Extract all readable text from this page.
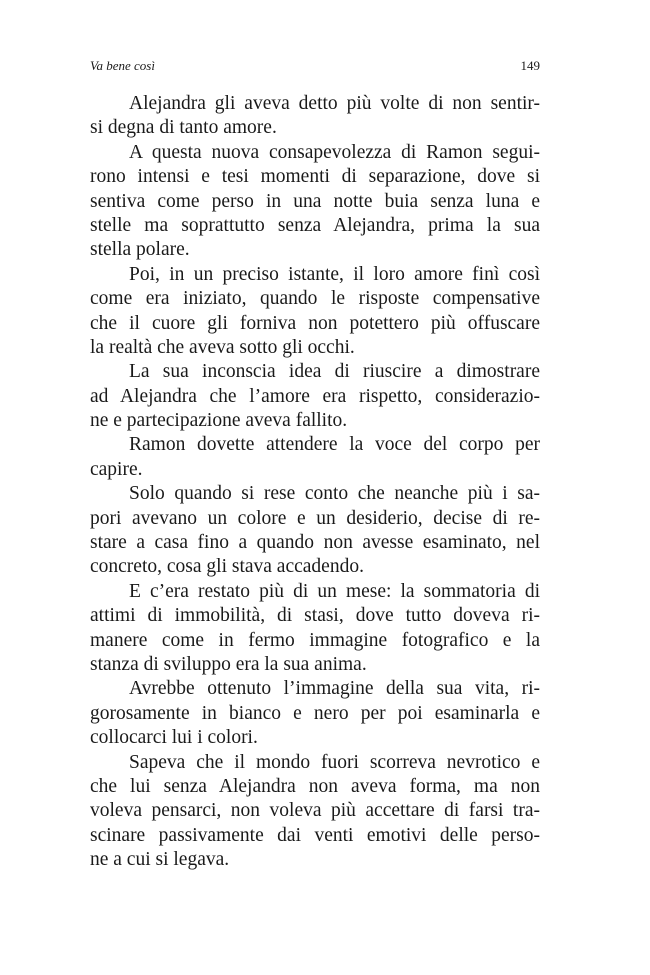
Va bene così	149
Alejandra gli aveva detto più volte di non sentir-
si degna di tanto amore.
A questa nuova consapevolezza di Ramon segui-
rono intensi e tesi momenti di separazione, dove si
sentiva come perso in una notte buia senza luna e
stelle ma soprattutto senza Alejandra, prima la sua
stella polare.
Poi, in un preciso istante, il loro amore finì così
come era iniziato, quando le risposte compensative
che il cuore gli forniva non potettero più offuscare
la realtà che aveva sotto gli occhi.
La sua inconscia idea di riuscire a dimostrare
ad Alejandra che l’amore era rispetto, considerazio-
ne e partecipazione aveva fallito.
Ramon dovette attendere la voce del corpo per
capire.
Solo quando si rese conto che neanche più i sa-
pori avevano un colore e un desiderio, decise di re-
stare a casa fino a quando non avesse esaminato, nel
concreto, cosa gli stava accadendo.
E c’era restato più di un mese: la sommatoria di
attimi di immobilità, di stasi, dove tutto doveva ri-
manere come in fermo immagine fotografico e la
stanza di sviluppo era la sua anima.
Avrebbe ottenuto l’immagine della sua vita, ri-
gorosamente in bianco e nero per poi esaminarla e
collocarci lui i colori.
Sapeva che il mondo fuori scorreva nevrotico e
che lui senza Alejandra non aveva forma, ma non
voleva pensarci, non voleva più accettare di farsi tra-
scinare passivamente dai venti emotivi delle perso-
ne a cui si legava.
